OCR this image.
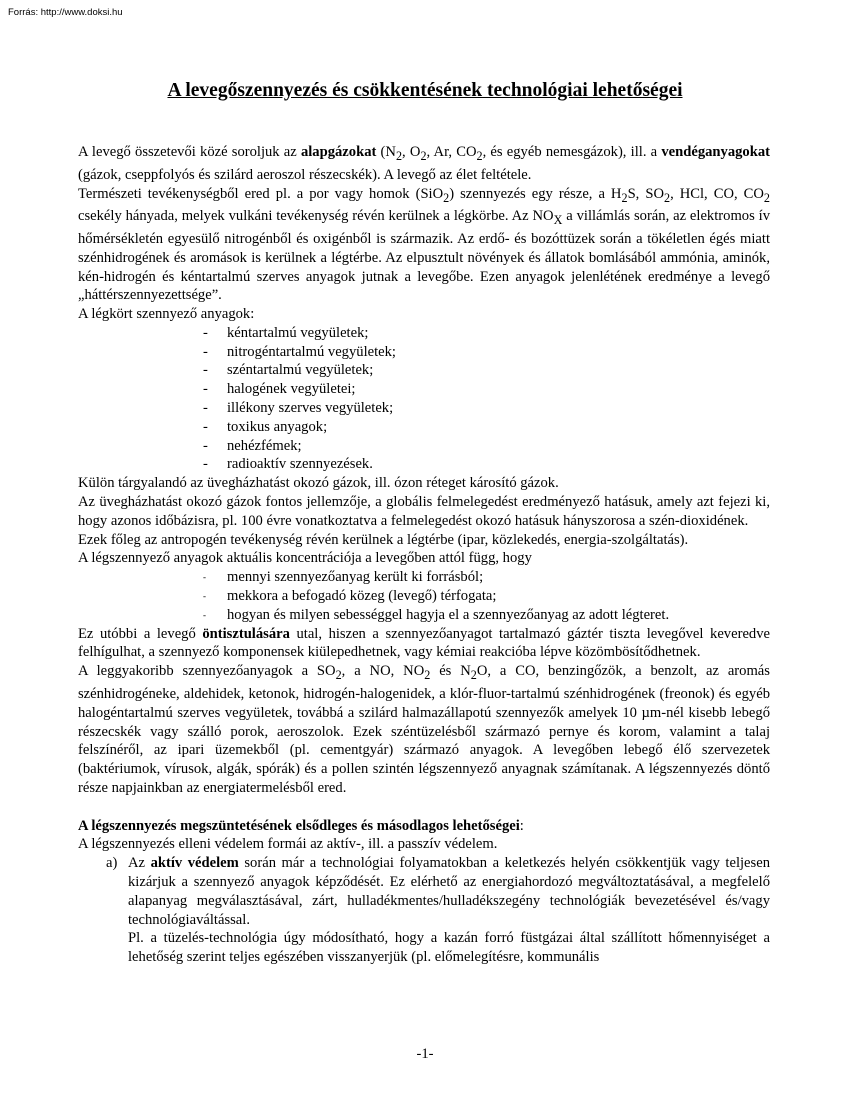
Forrás: http://www.doksi.hu
A levegőszennyezés és csökkentésének technológiai lehetőségei

A levegő összetevői közé soroljuk az alapgázokat ($N_2$, $O_2$, Ar, $CO_2$, és egyéb nemesgázok), ill. a vendéganyagokat (gázok, cseppfolyós és szilárd aeroszol részecskék). A levegő az élet feltétele.

Természeti tevékenységből ered pl. a por vagy homok (SiO$_2$) szennyezés egy része, a $H_2S$, $SO_2$, HCl, CO, $CO_2$ csekély hányada, melyek vulkáni tevékenység révén kerülnek a légkörbe. Az $NO_X$ a villámlás során, az elektromos ív hőmérsékletén egyesülő nitrogénből és oxigénből is származik. Az erdő- és bozóttüzek során a tökéletlen égés miatt szénhidrogének és aromások is kerülnek a légtérbe. Az elpusztult növények és állatok bomlásából ammónia, aminók, kén-hidrogén és kéntartalmú szerves anyagok jutnak a levegőbe. Ezen anyagok jelenlétének eredménye a levegő „háttérszennyezettsége”.

A légkört szennyező anyagok:

- kéntartalmú vegyületek;
- nitrogéntartalmú vegyületek;
- széntartalmú vegyületek;
- halogének vegyületei;
- illékony szerves vegyületek;
- toxikus anyagok;
- nehézfémek;
- radioaktív szennyezések.

Külön tárgyalandó az üvegházhatást okozó gázok, ill. ózon réteget károsító gázok.

Az üvegházhatást okozó gázok fontos jellemzője, a globális felmelegedést eredményező hatásuk, amely azt fejezi ki, hogy azonos időbázisra, pl. 100 évre vonatkoztatva a felmelegedést okozó hatásuk hányszorosa a szén-dioxidének.

Ezek főleg az antropogén tevékenység révén kerülnek a légtérbe (ipar, közlekedés, energia-szolgáltatás).

A légszennyező anyagok aktuális koncentrációja a levegőben attól függ, hogy

- mennyi szennyezőanyag került ki forrásból;
- mekkora a befogadó közeg (levegő) térfogata;
- hogyan és milyen sebességgel hagyja el a szennyezőanyag az adott légteret.

Ez utóbbi a levegő öntisztulására utal, hiszen a szennyezőanyagot tartalmazó gáztér tiszta levegővel keveredve felhígulhat, a szennyező komponensek kiülepedhetnek, vagy kémiai reakcióba lépve közömbösítődhetnek.

A leggyakoribb szennyezőanyagok a $SO_2$, a NO, $NO_2$ és $N_2O$, a CO, benzingőzök, a benzolt, az aromás szénhidrogéneke, aldehidek, ketonok, hidrogén-halogenidek, a klór-fluor-tartalmú szénhidrogének (freonok) és egyéb halogéntartalmú szerves vegyületek, továbbá a szilárd halmazállapotú szennyezők amelyek 10 µm-nél kisebb lebegő részecskék vagy szálló porok, aeroszolok. Ezek széntüzelésből származó pernye és korom, valamint a talaj felszínéről, az ipari üzemekből (pl. cementgyár) származó anyagok. A levegőben lebegő élő szervezetek (baktériumok, vírusok, algák, spórák) és a pollen szintén légszennyező anyagnak számítanak. A légszennyezés döntő része napjainkban az energiatermelésből ered.

A légszennyezés megszüntetésének elsődleges és másodlagos lehetőségei:

A légszennyezés elleni védelem formái az aktív-, ill. a passzív védelem.

a) Az aktív védelem során már a technológiai folyamatokban a keletkezés helyén csökkentjük vagy teljesen kizárjuk a szennyező anyagok képződését. Ez elérhető az energiahordozó megváltoztatásával, a megfelelő alapanyag megválasztásával, zárt, hulladékmentes/hulladékszegény technológiák bevezetésével és/vagy technológiaváltással.

Pl. a tüzelés-technológia úgy módosítható, hogy a kazán forró füstgázai által szállított hőmennyiséget a lehetőség szerint teljes egészében visszanyerjük (pl. előmelegítésre, kommunális

-1-
